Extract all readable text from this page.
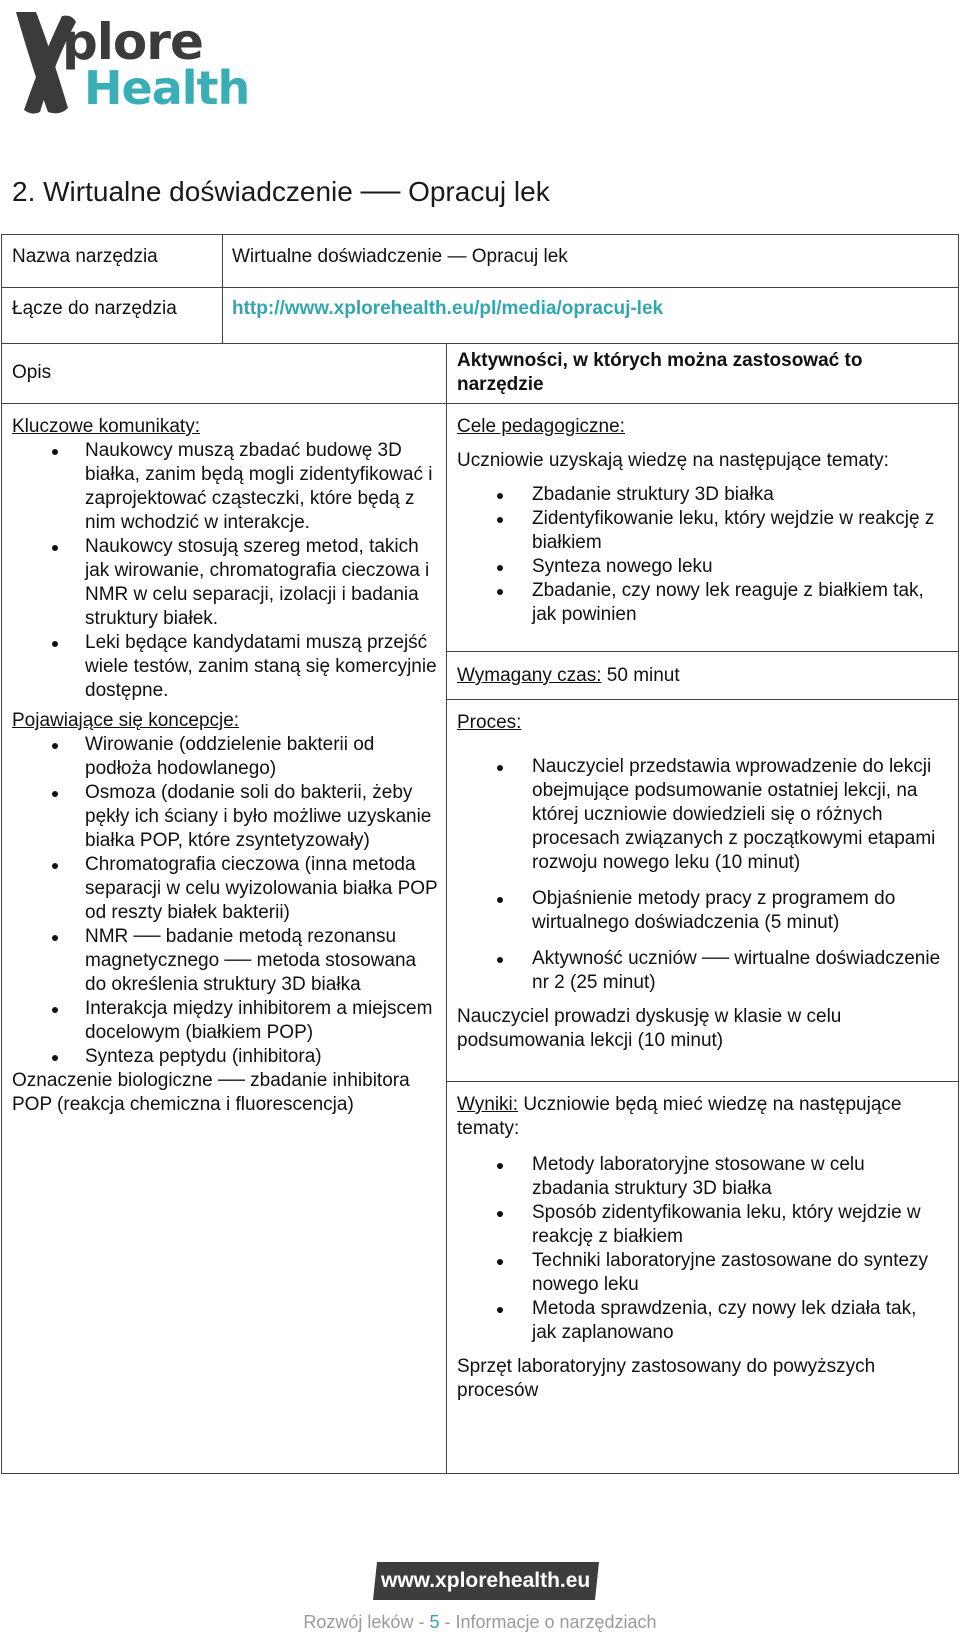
plore
Health
2. Wirtualne doświadczenie ── Opracuj lek
Nazwa narzędzia	Wirtualne doświadczenie — Opracuj lek
Łącze do narzędzia	http://www.xplorehealth.eu/pl/media/opracuj-lek
Opis
Aktywności, w których można zastosować to narzędzie
Kluczowe komunikaty:
Naukowcy muszą zbadać budowę 3D białka, zanim będą mogli zidentyfikować i zaprojektować cząsteczki, które będą z nim wchodzić w interakcje.
Naukowcy stosują szereg metod, takich jak wirowanie, chromatografia cieczowa i NMR w celu separacji, izolacji i badania struktury białek.
Leki będące kandydatami muszą przejść wiele testów, zanim staną się komercyjnie dostępne.
Pojawiające się koncepcje:
Wirowanie (oddzielenie bakterii od podłoża hodowlanego)
Osmoza (dodanie soli do bakterii, żeby pękły ich ściany i było możliwe uzyskanie białka POP, które zsyntetyzowały)
Chromatografia cieczowa (inna metoda separacji w celu wyizolowania białka POP od reszty białek bakterii)
NMR ── badanie metodą rezonansu magnetycznego ── metoda stosowana do określenia struktury 3D białka
Interakcja między inhibitorem a miejscem docelowym (białkiem POP)
Synteza peptydu (inhibitora)
Oznaczenie biologiczne ── zbadanie inhibitora POP (reakcja chemiczna i fluorescencja)
Cele pedagogiczne:
Uczniowie uzyskają wiedzę na następujące tematy:
Zbadanie struktury 3D białka
Zidentyfikowanie leku, który wejdzie w reakcję z białkiem
Synteza nowego leku
Zbadanie, czy nowy lek reaguje z białkiem tak, jak powinien
Wymagany czas: 50 minut
Proces:
Nauczyciel przedstawia wprowadzenie do lekcji obejmujące podsumowanie ostatniej lekcji, na której uczniowie dowiedzieli się o różnych procesach związanych z początkowymi etapami rozwoju nowego leku (10 minut)
Objaśnienie metody pracy z programem do wirtualnego doświadczenia (5 minut)
Aktywność uczniów ── wirtualne doświadczenie nr 2 (25 minut)
Nauczyciel prowadzi dyskusję w klasie w celu podsumowania lekcji (10 minut)
Wyniki: Uczniowie będą mieć wiedzę na następujące tematy:
Metody laboratoryjne stosowane w celu zbadania struktury 3D białka
Sposób zidentyfikowania leku, który wejdzie w reakcję z białkiem
Techniki laboratoryjne zastosowane do syntezy nowego leku
Metoda sprawdzenia, czy nowy lek działa tak, jak zaplanowano
Sprzęt laboratoryjny zastosowany do powyższych procesów
www.xplorehealth.eu
Rozwój leków - 5 - Informacje o narzędziach
